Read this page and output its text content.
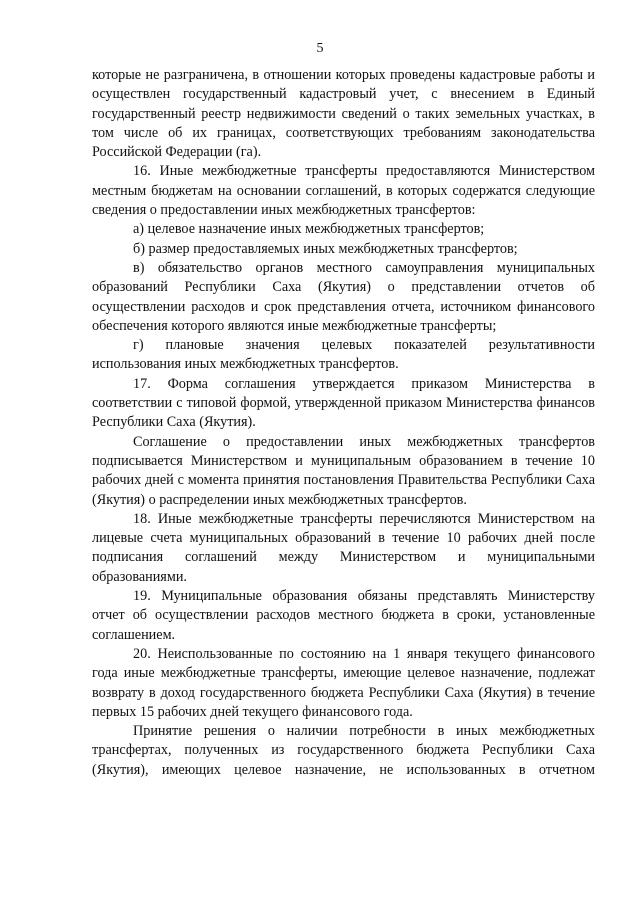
5

которые не разграничена, в отношении которых проведены кадастровые работы и осуществлен государственный кадастровый учет, с внесением в Единый государственный реестр недвижимости сведений о таких земельных участках, в том числе об их границах, соответствующих требованиям законодательства Российской Федерации (га).

16. Иные межбюджетные трансферты предоставляются Министерством местным бюджетам на основании соглашений, в которых содержатся следующие сведения о предоставлении иных межбюджетных трансфертов:

а) целевое назначение иных межбюджетных трансфертов;

б) размер предоставляемых иных межбюджетных трансфертов;

в) обязательство органов местного самоуправления муниципальных образований Республики Саха (Якутия) о представлении отчетов об осуществлении расходов и срок представления отчета, источником финансового обеспечения которого являются иные межбюджетные трансферты;

г) плановые значения целевых показателей результативности использования иных межбюджетных трансфертов.

17. Форма соглашения утверждается приказом Министерства в соответствии с типовой формой, утвержденной приказом Министерства финансов Республики Саха (Якутия).

Соглашение о предоставлении иных межбюджетных трансфертов подписывается Министерством и муниципальным образованием в течение 10 рабочих дней с момента принятия постановления Правительства Республики Саха (Якутия) о распределении иных межбюджетных трансфертов.

18. Иные межбюджетные трансферты перечисляются Министерством на лицевые счета муниципальных образований в течение 10 рабочих дней после подписания соглашений между Министерством и муниципальными образованиями.

19. Муниципальные образования обязаны представлять Министерству отчет об осуществлении расходов местного бюджета в сроки, установленные соглашением.

20. Неиспользованные по состоянию на 1 января текущего финансового года иные межбюджетные трансферты, имеющие целевое назначение, подлежат возврату в доход государственного бюджета Республики Саха (Якутия) в течение первых 15 рабочих дней текущего финансового года.

Принятие решения о наличии потребности в иных межбюджетных трансфертах, полученных из государственного бюджета Республики Саха (Якутия), имеющих целевое назначение, не использованных в отчетном
